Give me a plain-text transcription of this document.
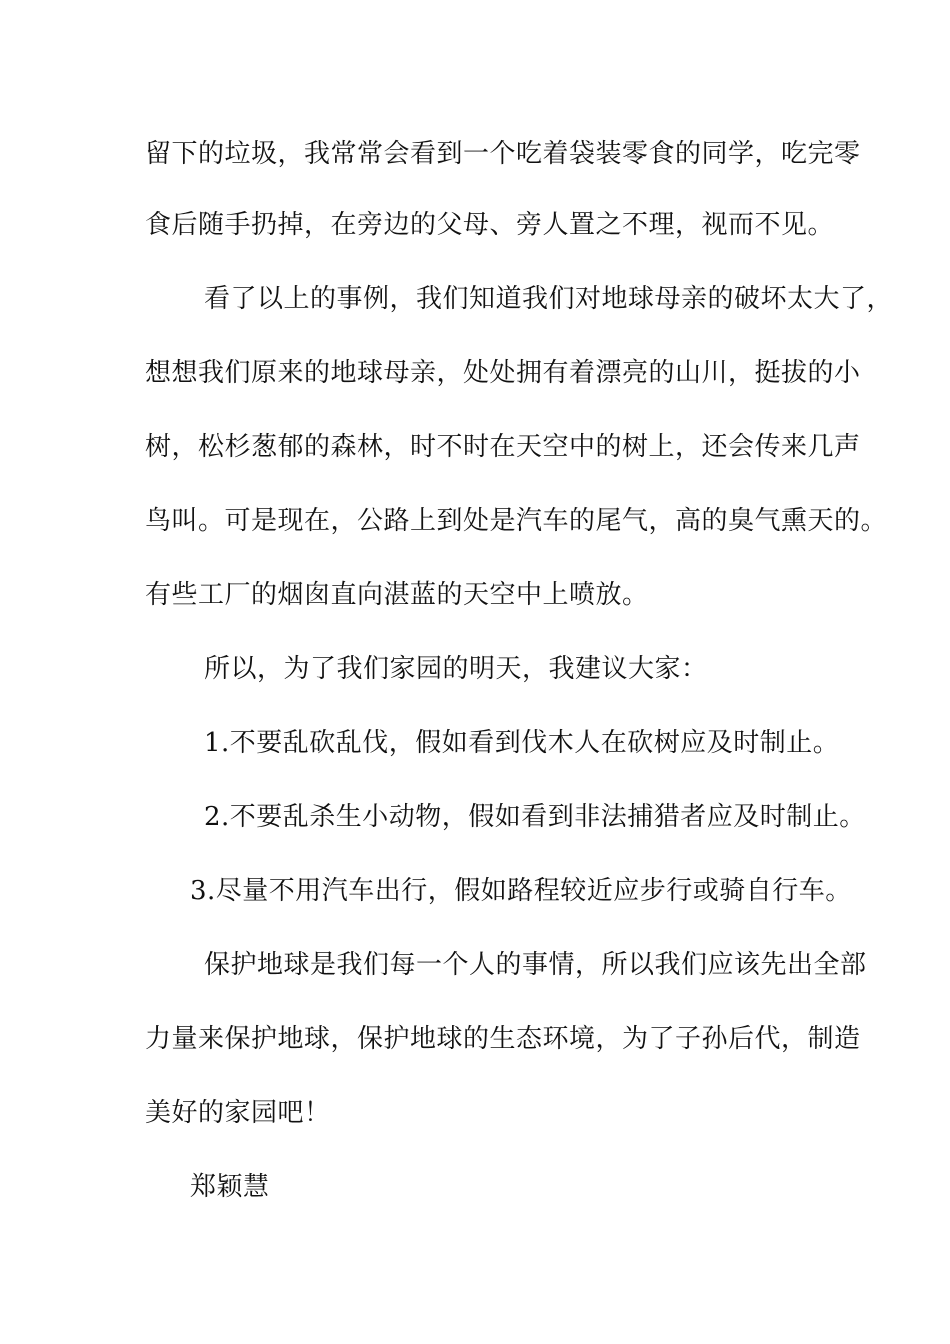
留下的垃圾，我常常会看到一个吃着袋装零食的同学，吃完零
食后随手扔掉，在旁边的父母、旁人置之不理，视而不见。
看了以上的事例，我们知道我们对地球母亲的破坏太大了，
想想我们原来的地球母亲，处处拥有着漂亮的山川，挺拔的小
树，松杉葱郁的森林，时不时在天空中的树上，还会传来几声
鸟叫。可是现在，公路上到处是汽车的尾气，高的臭气熏天的。
有些工厂的烟囱直向湛蓝的天空中上喷放。
所以，为了我们家园的明天，我建议大家：
1.不要乱砍乱伐，假如看到伐木人在砍树应及时制止。
2.不要乱杀生小动物，假如看到非法捕猎者应及时制止。
3.尽量不用汽车出行，假如路程较近应步行或骑自行车。
保护地球是我们每一个人的事情，所以我们应该先出全部
力量来保护地球，保护地球的生态环境，为了子孙后代，制造
美好的家园吧！
郑颖慧
